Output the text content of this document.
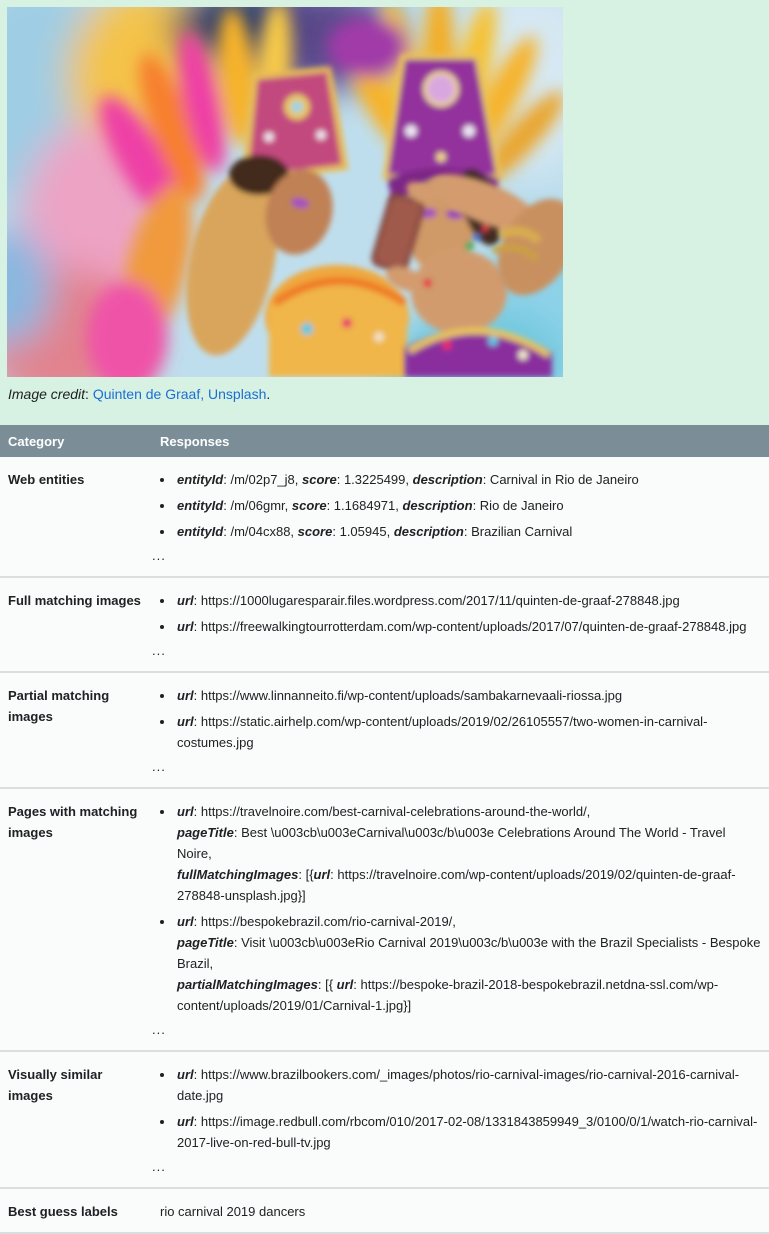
Image credit: Quinten de Graaf, Unsplash.
Category	Responses
Web entities	
•entityId: /m/02p7_j8, score: 1.3225499, description: Carnival in Rio de Janeiro
• entityId: /m/06gmr, score: 1.1684971, description: Rio de Janeiro
• entityId: /m/04cx88, score: 1.05945, description: Brazilian Carnival
...

Full matching images	
•url: https://1000lugaresparair.files.wordpress.com/2017/11/quinten-de-graaf-278848.jpg
• url: https://freewalkingtourrotterdam.com/wp-content/uploads/2017/07/quinten-de-graaf-278848.jpg
...

Partial matching images	
• url: https://www.linnanneito.fi/wp-content/uploads/sambakarnevaali-riossa.jpg
• url: https://static.airhelp.com/wp-content/uploads/2019/02/26105557/two-women-in-carnival-costumes.jpg
...

Pages with matching images	
• url: https://travelnoire.com/best-carnival-celebrations-around-the-world/,
pageTitle: Best \u003cb\u003eCarnival\u003c/b\u003e Celebrations Around The World - Travel Noire,
fullMatchingImages: [{url: https://travelnoire.com/wp-content/uploads/2019/02/quinten-de-graaf-278848-unsplash.jpg}]
• url: https://bespokebrazil.com/rio-carnival-2019/,
pageTitle: Visit \u003cb\u003eRio Carnival 2019\u003c/b\u003e with the Brazil Specialists - Bespoke Brazil,
partialMatchingImages: [{ url: https://bespoke-brazil-2018-bespokebrazil.netdna-ssl.com/wp-content/uploads/2019/01/Carnival-1.jpg}]
...

Visually similar images	
• url: https://www.brazilbookers.com/_images/photos/rio-carnival-images/rio-carnival-2016-carnival-date.jpg
• url: https://image.redbull.com/rbcom/010/2017-02-08/1331843859949_3/0100/0/1/watch-rio-carnival-2017-live-on-red-bull-tv.jpg
...

Best guess labels	rio carnival 2019 dancers
